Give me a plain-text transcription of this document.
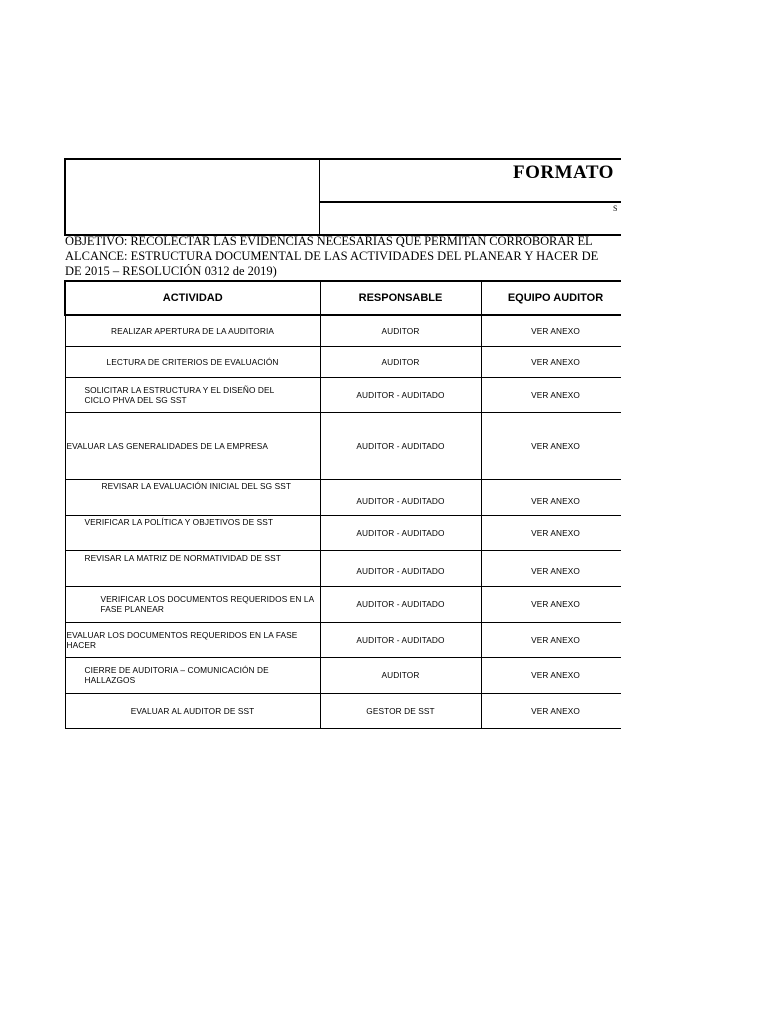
FORMATO
S
OBJETIVO: RECOLECTAR LAS EVIDENCIAS NECESARIAS QUE PERMITAN CORROBORAR EL
ALCANCE: ESTRUCTURA DOCUMENTAL DE LAS ACTIVIDADES DEL PLANEAR Y HACER DE
DE 2015 – RESOLUCIÓN 0312 de 2019)
ACTIVIDAD	RESPONSABLE	EQUIPO AUDITOR
REALIZAR APERTURA DE LA AUDITORIA	AUDITOR	VER ANEXO
LECTURA DE CRITERIOS DE EVALUACIÓN	AUDITOR	VER ANEXO

SOLICITAR LA ESTRUCTURA Y EL DISEÑO DEL CICLO PHVA DEL SG SST	AUDITOR - AUDITADO	VER ANEXO

EVALUAR LAS GENERALIDADES DE LA EMPRESA	AUDITOR - AUDITADO	VER ANEXO

REVISAR LA EVALUACIÓN INICIAL DEL SG SST	AUDITOR - AUDITADO	VER ANEXO

VERIFICAR LA POLÍTICA Y OBJETIVOS DE SST	AUDITOR - AUDITADO	VER ANEXO

REVISAR LA MATRIZ DE NORMATIVIDAD DE SST	AUDITOR - AUDITADO	VER ANEXO

VERIFICAR LOS DOCUMENTOS REQUERIDOS EN LA FASE PLANEAR	AUDITOR - AUDITADO	VER ANEXO

EVALUAR LOS DOCUMENTOS REQUERIDOS EN LA FASE HACER	AUDITOR - AUDITADO	VER ANEXO

CIERRE DE AUDITORIA – COMUNICACIÓN DE HALLAZGOS	AUDITOR	VER ANEXO
EVALUAR AL AUDITOR DE SST	GESTOR DE SST	VER ANEXO
